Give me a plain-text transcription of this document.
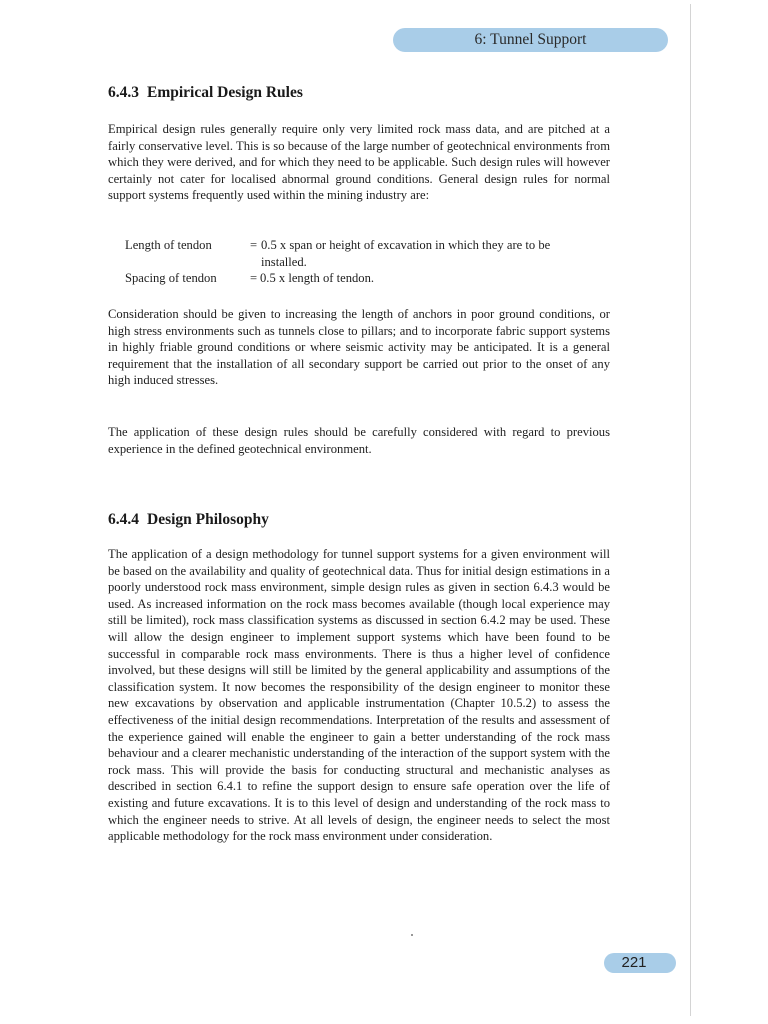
6: Tunnel Support
6.4.3 Empirical Design Rules

Empirical design rules generally require only very limited rock mass data, and are pitched at a fairly conservative level. This is so because of the large number of geotechnical environments from which they were derived, and for which they need to be applicable. Such design rules will however certainly not cater for localised abnormal ground conditions. General design rules for normal support systems frequently used within the mining industry are:

Length of tendon	= 0.5 x span or height of excavation in which they are to be installed.
Spacing of tendon	= 0.5 x length of tendon.

Consideration should be given to increasing the length of anchors in poor ground conditions, or high stress environments such as tunnels close to pillars; and to incorporate fabric support systems in highly friable ground conditions or where seismic activity may be anticipated. It is a general requirement that the installation of all secondary support be carried out prior to the onset of any high induced stresses.

The application of these design rules should be carefully considered with regard to previous experience in the defined geotechnical environment.

6.4.4 Design Philosophy

The application of a design methodology for tunnel support systems for a given environment will be based on the availability and quality of geotechnical data. Thus for initial design estimations in a poorly understood rock mass environment, simple design rules as given in section 6.4.3 would be used. As increased information on the rock mass becomes available (though local experience may still be limited), rock mass classification systems as discussed in section 6.4.2 may be used. These will allow the design engineer to implement support systems which have been found to be successful in comparable rock mass environments. There is thus a higher level of confidence involved, but these designs will still be limited by the general applicability and assumptions of the classification system. It now becomes the responsibility of the design engineer to monitor these new excavations by observation and applicable instrumentation (Chapter 10.5.2) to assess the effectiveness of the initial design recommendations. Interpretation of the results and assessment of the experience gained will enable the engineer to gain a better understanding of the rock mass behaviour and a clearer mechanistic understanding of the interaction of the support system with the rock mass. This will provide the basis for conducting structural and mechanistic analyses as described in section 6.4.1 to refine the support design to ensure safe operation over the life of existing and future excavations. It is to this level of design and understanding of the rock mass to which the engineer needs to strive. At all levels of design, the engineer needs to select the most applicable methodology for the rock mass environment under consideration.

221
